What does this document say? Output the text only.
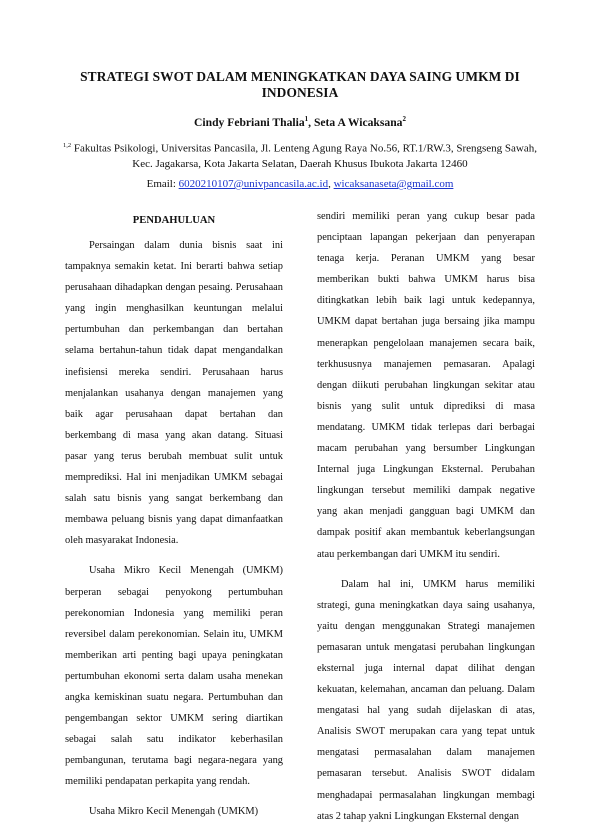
STRATEGI SWOT DALAM MENINGKATKAN DAYA SAING UMKM DI INDONESIA
Cindy Febriani Thalia$^1$, Seta A Wicaksana$^2$
$^{1,2}$ Fakultas Psikologi, Universitas Pancasila, Jl. Lenteng Agung Raya No.56, RT.1/RW.3, Srengseng Sawah, Kec. Jagakarsa, Kota Jakarta Selatan, Daerah Khusus Ibukota Jakarta 12460
Email: 6020210107@univpancasila.ac.id, wicaksanaseta@gmail.com

PENDAHULUAN

Persaingan dalam dunia bisnis saat ini tampaknya semakin ketat. Ini berarti bahwa setiap perusahaan dihadapkan dengan pesaing. Perusahaan yang ingin menghasilkan keuntungan melalui pertumbuhan dan perkembangan dan bertahan selama bertahun-tahun tidak dapat mengandalkan inefisiensi mereka sendiri. Perusahaan harus menjalankan usahanya dengan manajemen yang baik agar perusahaan dapat bertahan dan berkembang di masa yang akan datang. Situasi pasar yang terus berubah membuat sulit untuk memprediksi. Hal ini menjadikan UMKM sebagai salah satu bisnis yang sangat berkembang dan membawa peluang bisnis yang dapat dimanfaatkan oleh masyarakat Indonesia.

Usaha Mikro Kecil Menengah (UMKM) berperan sebagai penyokong pertumbuhan perekonomian Indonesia yang memiliki peran reversibel dalam perekonomian. Selain itu, UMKM memberikan arti penting bagi upaya peningkatan pertumbuhan ekonomi serta dalam usaha menekan angka kemiskinan suatu negara. Pertumbuhan dan pengembangan sektor UMKM sering diartikan sebagai salah satu indikator keberhasilan pembangunan, terutama bagi negara-negara yang memiliki pendapatan perkapita yang rendah.

Usaha Mikro Kecil Menengah (UMKM)

sendiri memiliki peran yang cukup besar pada penciptaan lapangan pekerjaan dan penyerapan tenaga kerja. Peranan UMKM yang besar memberikan bukti bahwa UMKM harus bisa ditingkatkan lebih baik lagi untuk kedepannya, UMKM dapat bertahan juga bersaing jika mampu menerapkan pengelolaan manajemen secara baik, terkhususnya manajemen pemasaran. Apalagi dengan diikuti perubahan lingkungan sekitar atau bisnis yang sulit untuk diprediksi di masa mendatang. UMKM tidak terlepas dari berbagai macam perubahan yang bersumber Lingkungan Internal juga Lingkungan Eksternal. Perubahan lingkungan tersebut memiliki dampak negative yang akan menjadi gangguan bagi UMKM dan dampak positif akan membantuk keberlangsungan atau perkembangan dari UMKM itu sendiri.

Dalam hal ini, UMKM harus memiliki strategi, guna meningkatkan daya saing usahanya, yaitu dengan menggunakan Strategi manajemen pemasaran untuk mengatasi perubahan lingkungan eksternal juga internal dapat dilihat dengan kekuatan, kelemahan, ancaman dan peluang. Dalam mengatasi hal yang sudah dijelaskan di atas, Analisis SWOT merupakan cara yang tepat untuk mengatasi permasalahan dalam manajemen pemasaran tersebut. Analisis SWOT didalam menghadapai permasalahan lingkungan membagi atas 2 tahap yakni Lingkungan Eksternal dengan
